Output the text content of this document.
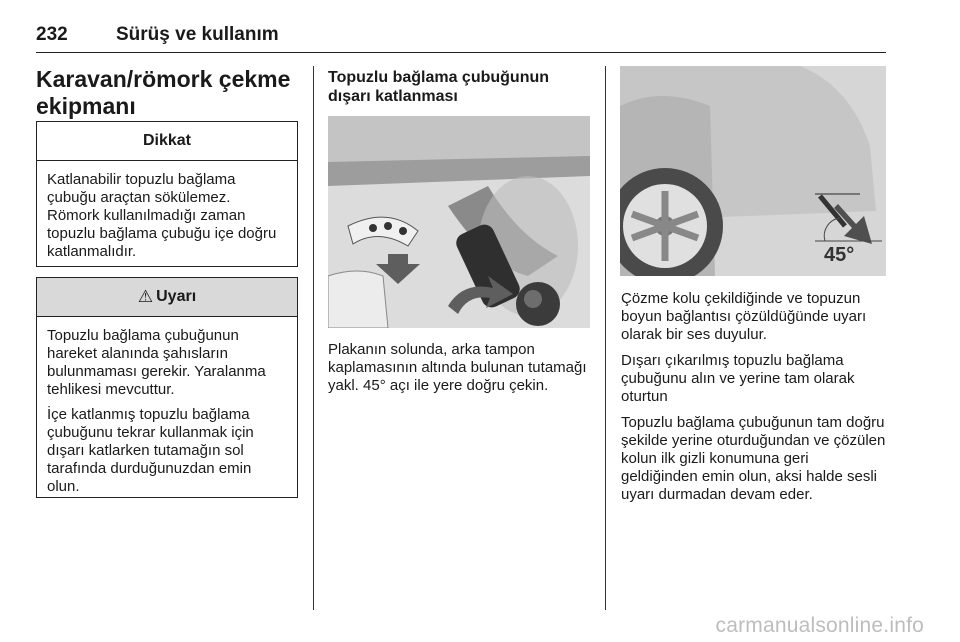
232	Sürüş ve kullanım
Karavan/römork çekme ekipmanı
Dikkat

Katlanabilir topuzlu bağlama çubuğu araçtan sökülemez. Römork kullanılmadığı zaman topuzlu bağlama çubuğu içe doğru katlanmalıdır.

⚠ Uyarı

Topuzlu bağlama çubuğunun hareket alanında şahısların bulunmaması gerekir. Yaralanma tehlikesi mevcuttur.

İçe katlanmış topuzlu bağlama çubuğunu tekrar kullanmak için dışarı katlarken tutamağın sol tarafında durduğunuzdan emin olun.

Topuzlu bağlama çubuğunun dışarı katlanması

Plakanın solunda, arka tampon kaplamasının altında bulunan tutamağı yakl. 45° açı ile yere doğru çekin.

45°

Çözme kolu çekildiğinde ve topuzun boyun bağlantısı çözüldüğünde uyarı olarak bir ses duyulur.

Dışarı çıkarılmış topuzlu bağlama çubuğunu alın ve yerine tam olarak oturtun

Topuzlu bağlama çubuğunun tam doğru şekilde yerine oturduğundan ve çözülen kolun ilk gizli konumuna geri geldiğinden emin olun, aksi halde sesli uyarı durmadan devam eder.

carmanualsonline.info
